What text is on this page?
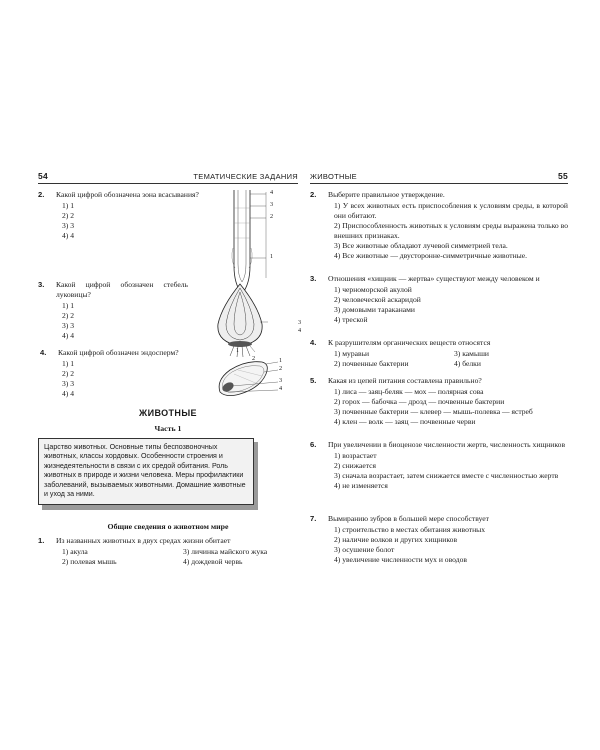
54	ТЕМАТИЧЕСКИЕ ЗАДАНИЯ
2. Какой цифрой обозначена зона всасывания?
1) 1
2) 2
3) 3
4) 4
4
3
2
1
3. Какой цифрой обозначен стебель луковицы?
1) 1
2) 2
3) 3
4) 4
1
2
3
4
4. Какой цифрой обозначен эндосперм?
1) 1
2) 2
3) 3
4) 4
1
2
3
4
ЖИВОТНЫЕ
Часть 1
Царство животных. Основные типы беспозвоночных животных, классы хордовых. Особенности строения и жизнедеятельности в связи с их средой обитания. Роль животных в природе и жизни человека. Меры профилактики заболеваний, вызываемых животными. Домашние животные и уход за ними.
Общие сведения о животном мире
1. Из названных животных в двух средах жизни обитает
1) акула	3) личинка майского жука
2) полевая мышь	4) дождевой червь
ЖИВОТНЫЕ	55
2. Выберите правильное утверждение.
1) У всех животных есть приспособления к условиям среды, в которой они обитают.
2) Приспособленность животных к условиям среды выражена только во внешних признаках.
3) Все животные обладают лучевой симметрией тела.
4) Все животные — двусторонне-симметричные животные.
3. Отношения «хищник — жертва» существуют между человеком и
1) черноморской акулой
2) человеческой аскаридой
3) домовыми тараканами
4) треской
4. К разрушителям органических веществ относятся
1) муравьи	3) камыши
2) почвенные бактерии	4) белки
5. Какая из цепей питания составлена правильно?
1) лиса — заяц-беляк — мох — полярная сова
2) горох — бабочка — дрозд — почвенные бактерии
3) почвенные бактерии — клевер — мышь-полевка — ястреб
4) клен — волк — заяц — почвенные черви
6. При увеличении в биоценозе численности жертв, численность хищников
1) возрастает
2) снижается
3) сначала возрастает, затем снижается вместе с численностью жертв
4) не изменяется
7. Вымиранию зубров в большей мере способствует
1) строительство в местах обитания животных
2) наличие волков и других хищников
3) осушение болот
4) увеличение численности мух и оводов
